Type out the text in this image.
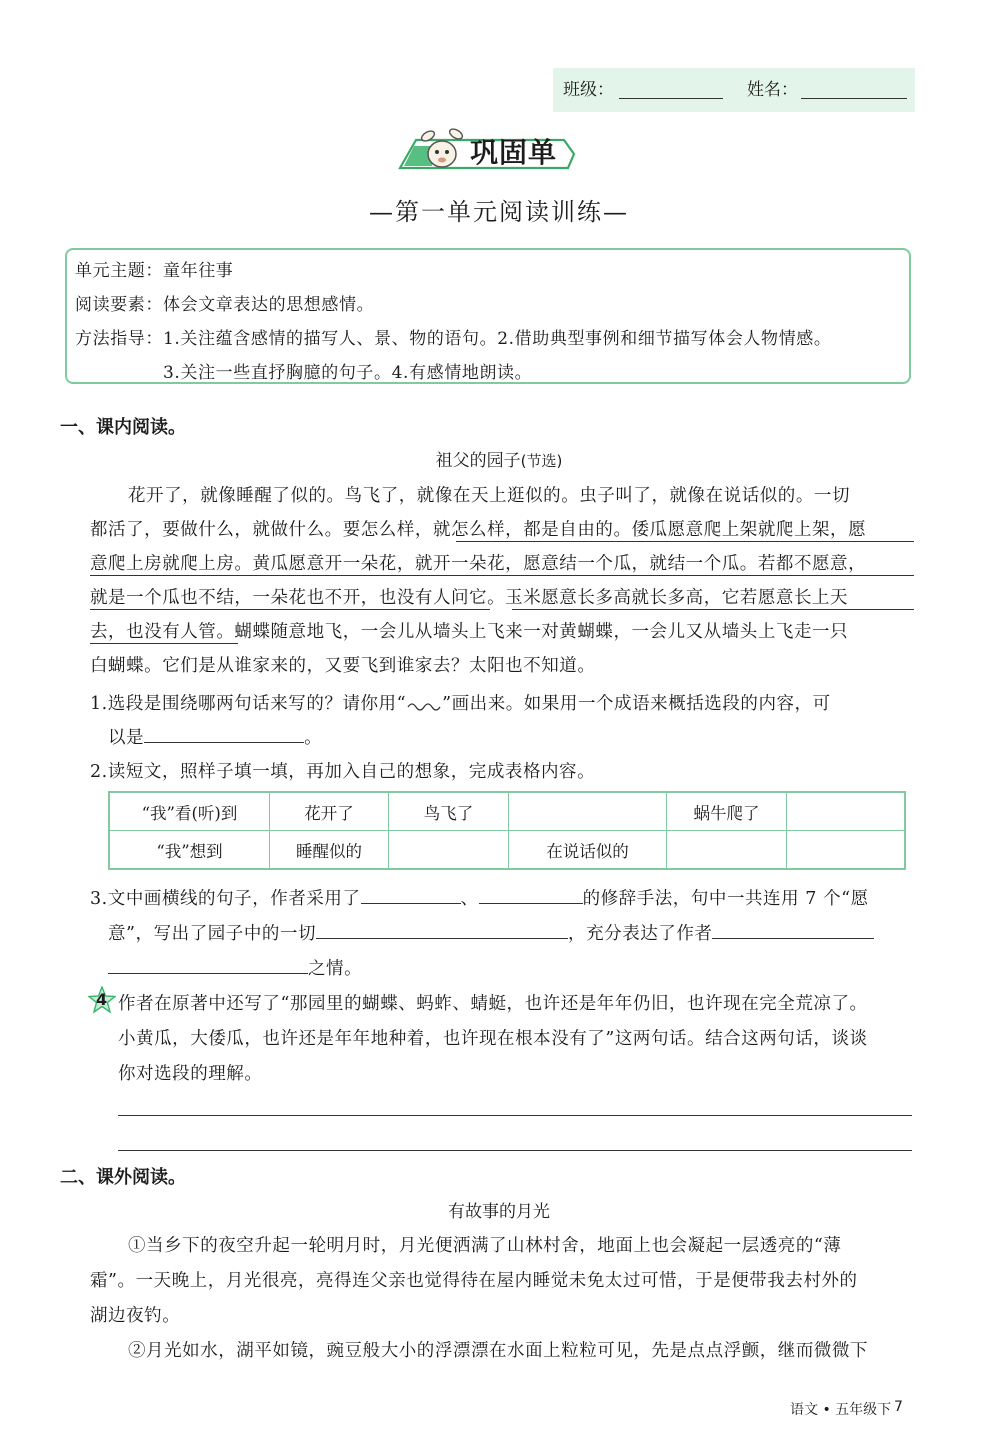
班级：	姓名：
巩固单
—第一单元阅读训练—
单元主题：童年往事
阅读要素：体会文章表达的思想感情。
方法指导：1.关注蕴含感情的描写人、景、物的语句。2.借助典型事例和细节描写体会人物情感。
3.关注一些直抒胸臆的句子。4.有感情地朗读。
一、课内阅读。
祖父的园子(节选)
花开了，就像睡醒了似的。鸟飞了，就像在天上逛似的。虫子叫了，就像在说话似的。一切
都活了，要做什么，就做什么。要怎么样，就怎么样，都是自由的。倭瓜愿意爬上架就爬上架，愿
意爬上房就爬上房。黄瓜愿意开一朵花，就开一朵花，愿意结一个瓜，就结一个瓜。若都不愿意，
就是一个瓜也不结，一朵花也不开，也没有人问它。玉米愿意长多高就长多高，它若愿意长上天
去，也没有人管。蝴蝶随意地飞，一会儿从墙头上飞来一对黄蝴蝶，一会儿又从墙头上飞走一只
白蝴蝶。它们是从谁家来的，又要飞到谁家去？太阳也不知道。
1.选段是围绕哪两句话来写的？请你用“ ”画出来。如果用一个成语来概括选段的内容，可
以是	。
2.读短文，照样子填一填，再加入自己的想象，完成表格内容。
“我”看(听)到	花开了	鸟飞了		蜗牛爬了	
“我”想到	睡醒似的		在说话似的		
3.文中画横线的句子，作者采用了	、	的修辞手法，句中一共连用 7 个“愿
意”，写出了园子中的一切	，充分表达了作者
之情。
4 作者在原著中还写了“那园里的蝴蝶、蚂蚱、蜻蜓，也许还是年年仍旧，也许现在完全荒凉了。
小黄瓜，大倭瓜，也许还是年年地种着，也许现在根本没有了”这两句话。结合这两句话，谈谈
你对选段的理解。
二、课外阅读。
有故事的月光
①当乡下的夜空升起一轮明月时，月光便洒满了山林村舍，地面上也会凝起一层透亮的“薄
霜”。一天晚上，月光很亮，亮得连父亲也觉得待在屋内睡觉未免太过可惜，于是便带我去村外的
湖边夜钓。
②月光如水，湖平如镜，豌豆般大小的浮漂漂在水面上粒粒可见，先是点点浮颤，继而微微下
语文 • 五年级下 7
